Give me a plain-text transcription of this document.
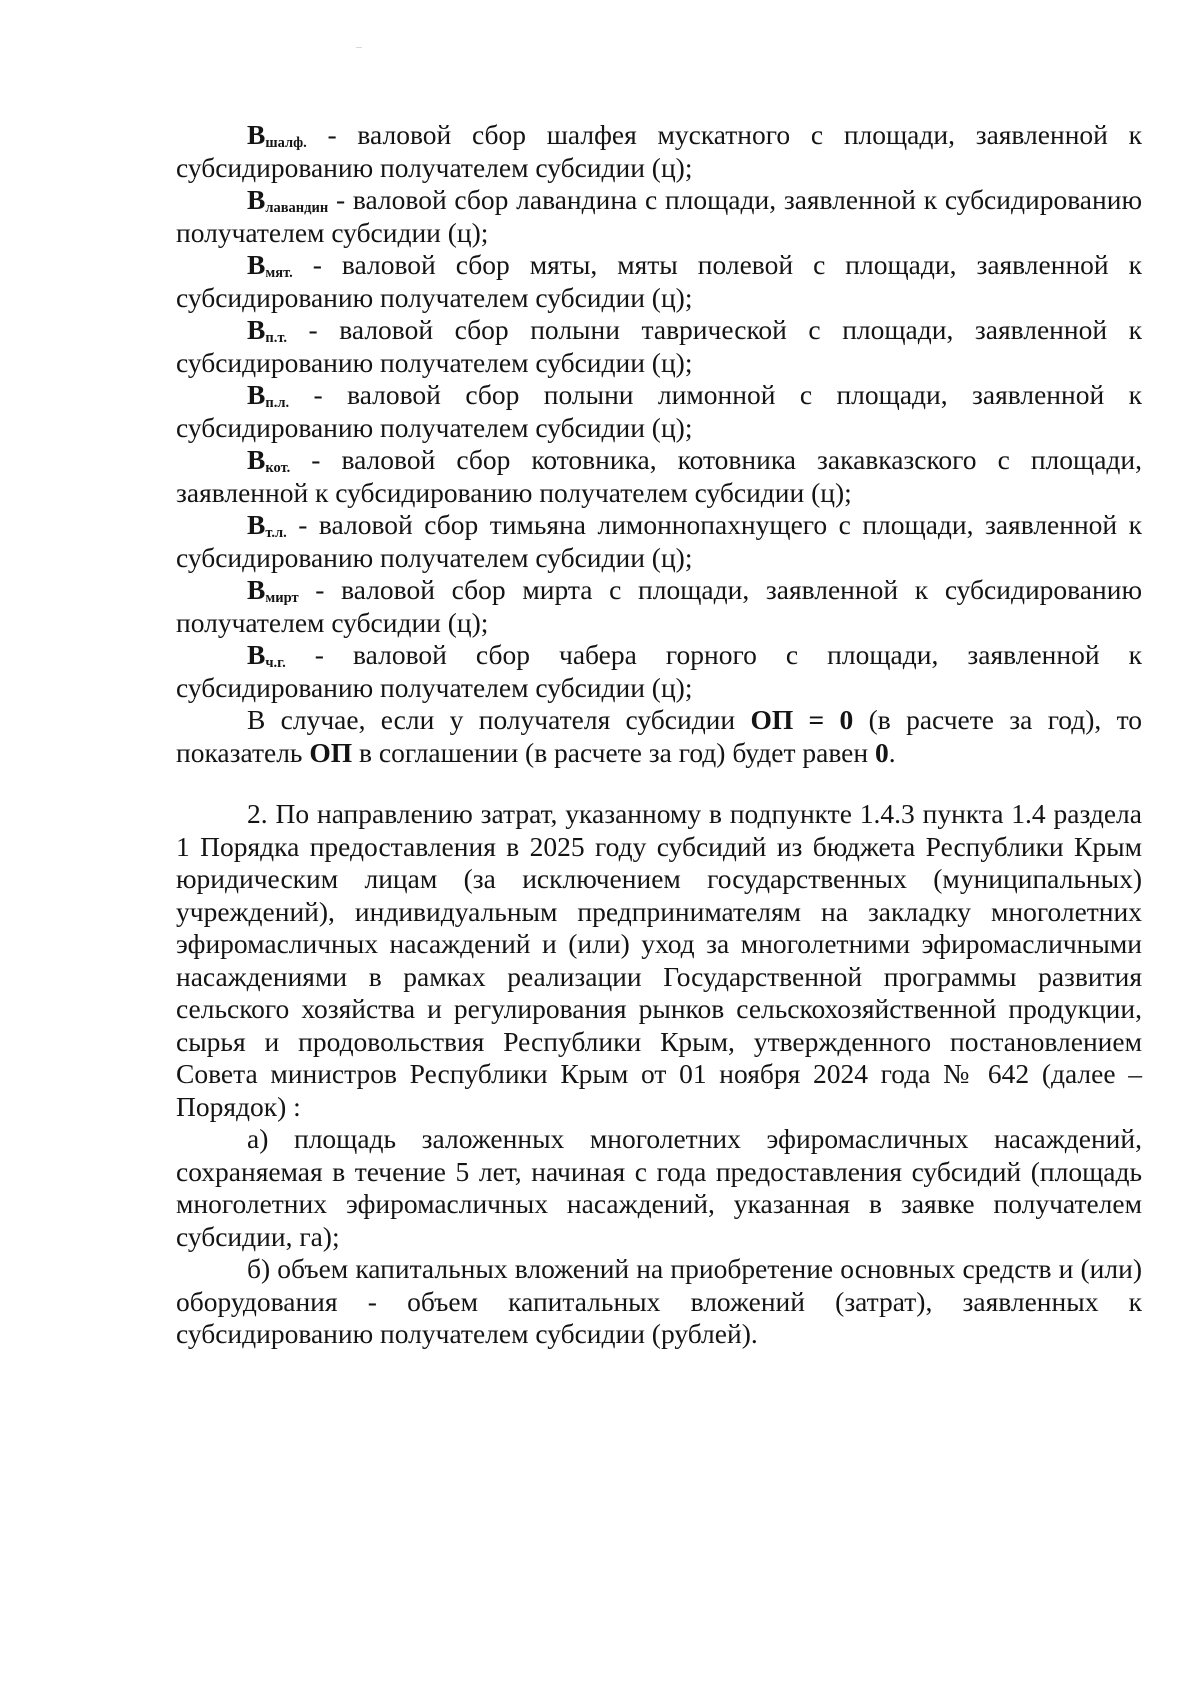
$В_{шалф.}$ - валовой сбор шалфея мускатного с площади, заявленной к субсидированию получателем субсидии (ц);

$В_{лавандин}$ - валовой сбор лавандина с площади, заявленной к субсидированию получателем субсидии (ц);

$В_{мят.}$ - валовой сбор мяты, мяты полевой с площади, заявленной к субсидированию получателем субсидии (ц);

$В_{п.т.}$ - валовой сбор полыни таврической с площади, заявленной к субсидированию получателем субсидии (ц);

$В_{п.л.}$ - валовой сбор полыни лимонной с площади, заявленной к субсидированию получателем субсидии (ц);

$В_{кот.}$ - валовой сбор котовника, котовника закавказского с площади, заявленной к субсидированию получателем субсидии (ц);

$В_{т.л.}$ - валовой сбор тимьяна лимоннопахнущего с площади, заявленной к субсидированию получателем субсидии (ц);

$В_{мирт}$ - валовой сбор мирта с площади, заявленной к субсидированию получателем субсидии (ц);

$В_{ч.г.}$ - валовой сбор чабера горного с площади, заявленной к субсидированию получателем субсидии (ц);

В случае, если у получателя субсидии ОП = 0 (в расчете за год), то показатель ОП в соглашении (в расчете за год) будет равен 0.

2. По направлению затрат, указанному в подпункте 1.4.3 пункта 1.4 раздела 1 Порядка предоставления в 2025 году субсидий из бюджета Республики Крым юридическим лицам (за исключением государственных (муниципальных) учреждений), индивидуальным предпринимателям на закладку многолетних эфиромасличных насаждений и (или) уход за многолетними эфиромасличными насаждениями в рамках реализации Государственной программы развития сельского хозяйства и регулирования рынков сельскохозяйственной продукции, сырья и продовольствия Республики Крым, утвержденного постановлением Совета министров Республики Крым от 01 ноября 2024 года № 642 (далее – Порядок) :

а) площадь заложенных многолетних эфиромасличных насаждений, сохраняемая в течение 5 лет, начиная с года предоставления субсидий (площадь многолетних эфиромасличных насаждений, указанная в заявке получателем субсидии, га);

б) объем капитальных вложений на приобретение основных средств и (или) оборудования - объем капитальных вложений (затрат), заявленных к субсидированию получателем субсидии (рублей).
